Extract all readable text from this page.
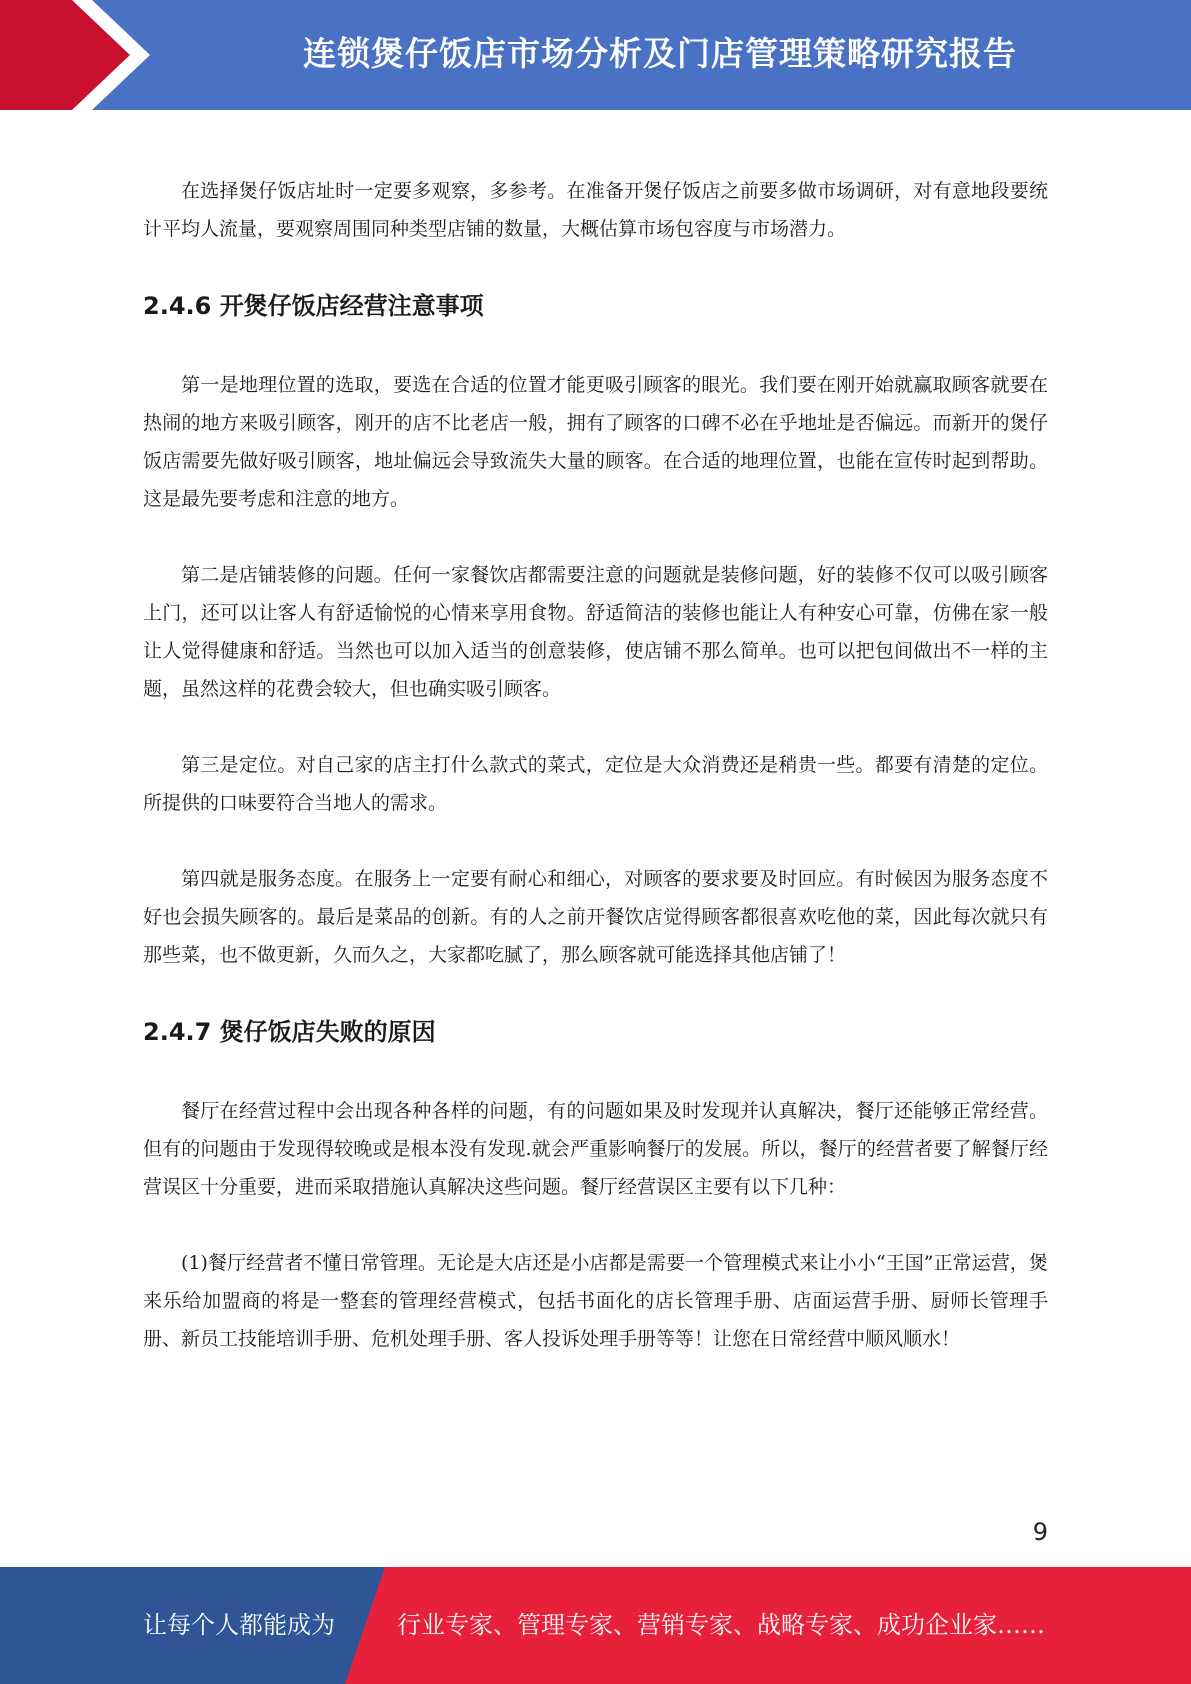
连锁煲仔饭店市场分析及门店管理策略研究报告

在选择煲仔饭店址时一定要多观察，多参考。在准备开煲仔饭店之前要多做市场调研，对有意地段要统计平均人流量，要观察周围同种类型店铺的数量，大概估算市场包容度与市场潜力。

2.4.6 开煲仔饭店经营注意事项

第一是地理位置的选取，要选在合适的位置才能更吸引顾客的眼光。我们要在刚开始就赢取顾客就要在热闹的地方来吸引顾客，刚开的店不比老店一般，拥有了顾客的口碑不必在乎地址是否偏远。而新开的煲仔饭店需要先做好吸引顾客，地址偏远会导致流失大量的顾客。在合适的地理位置，也能在宣传时起到帮助。这是最先要考虑和注意的地方。

第二是店铺装修的问题。任何一家餐饮店都需要注意的问题就是装修问题，好的装修不仅可以吸引顾客上门，还可以让客人有舒适愉悦的心情来享用食物。舒适简洁的装修也能让人有种安心可靠，仿佛在家一般让人觉得健康和舒适。当然也可以加入适当的创意装修，使店铺不那么简单。也可以把包间做出不一样的主题，虽然这样的花费会较大，但也确实吸引顾客。

第三是定位。对自己家的店主打什么款式的菜式，定位是大众消费还是稍贵一些。都要有清楚的定位。所提供的口味要符合当地人的需求。

第四就是服务态度。在服务上一定要有耐心和细心，对顾客的要求要及时回应。有时候因为服务态度不好也会损失顾客的。最后是菜品的创新。有的人之前开餐饮店觉得顾客都很喜欢吃他的菜，因此每次就只有那些菜，也不做更新，久而久之，大家都吃腻了，那么顾客就可能选择其他店铺了！

2.4.7 煲仔饭店失败的原因

餐厅在经营过程中会出现各种各样的问题，有的问题如果及时发现并认真解决，餐厅还能够正常经营。但有的问题由于发现得较晚或是根本没有发现.就会严重影响餐厅的发展。所以，餐厅的经营者要了解餐厅经营误区十分重要，进而采取措施认真解决这些问题。餐厅经营误区主要有以下几种：

(1)餐厅经营者不懂日常管理。无论是大店还是小店都是需要一个管理模式来让小小“王国”正常运营，煲来乐给加盟商的将是一整套的管理经营模式，包括书面化的店长管理手册、店面运营手册、厨师长管理手册、新员工技能培训手册、危机处理手册、客人投诉处理手册等等！让您在日常经营中顺风顺水！

9
让每个人都能成为	行业专家、管理专家、营销专家、战略专家、成功企业家……
